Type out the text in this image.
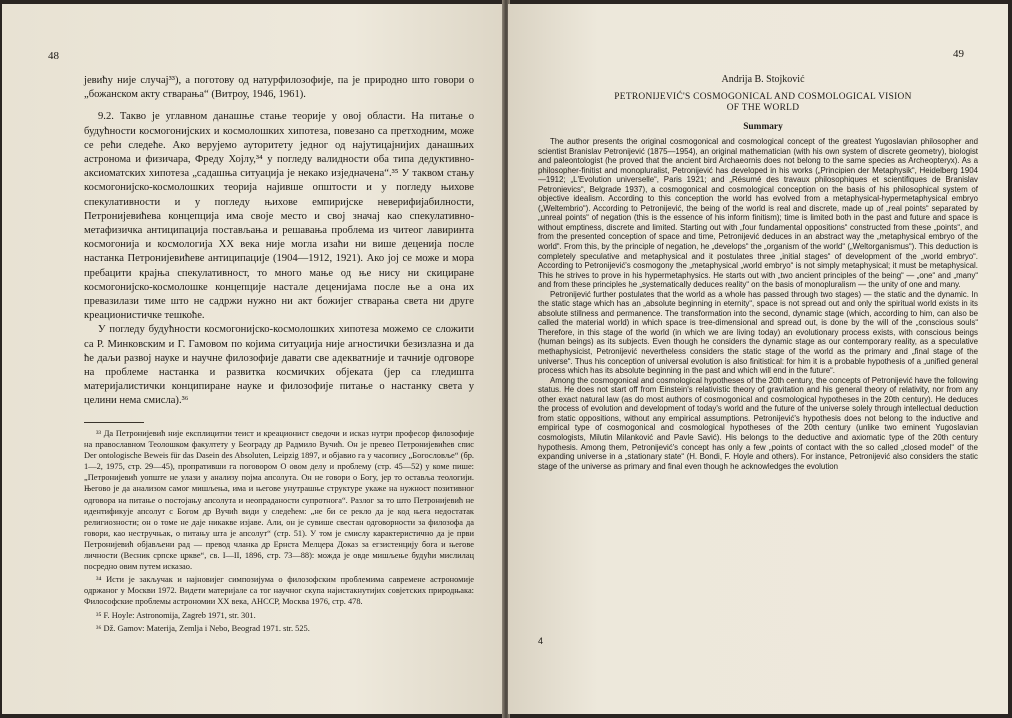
48

јевићу није случај³³), а поготову од натурфилозофије, па је природно што говори о „божанском акту стварања“ (Витроу, 1946, 1961).

9.2. Такво је углавном данашње стање теорије у овој области. На питање о будућности космогонијских и космолошких хипотеза, повезано са претходним, може се рећи следеће. Ако верујемо ауторитету једног од најутицајнијих данашњих астронома и физичара, Фреду Хојлу,³⁴ у погледу валидности оба типа дедуктивно-аксиоматских хипотеза „садашња ситуација је некако изједначена“.³⁵ У таквом стању космогонијско-космолошких теорија најивше општости и у погледу њихове спекулативности и у погледу њихове емпиријске неверифијабилности, Петронијевићева концепција има своје место и свој значај као спекулативно-метафизичка антиципација постављања и решавања проблема из читеог лавиринта космогонија и космологија XX века није могла изаћи ни више деценија после настанка Петронијевићеве антиципације (1904—1912, 1921). Ако јој се може и мора пребацити крајња спекулативност, то много мање од ње нису ни скициране космогонијско-космолошке концепције настале деценијама после ње а она их превазилази тиме што не садржи нужно ни акт божијег стварања света ни друге креационистичке тешкоће.

У погледу будућности космогонијско-космолошких хипотеза можемо се сложити са Р. Минковским и Г. Гамовом по којима ситуација није агностички безизлазна и да ће даљи развој науке и научне филозофије давати све адекватније и тачније одговоре на проблеме настанка и развитка космичких објеката (јер са гледишта материјалистички конципиране науке и филозофије питање о настанку света у целини нема смисла).³⁶

³³ Да Петронијевић није експлицитни теист и креационист сведочи и исказ нутри професор филозофије на православном Теолошком факултету у Београду др Радмило Вучић. Он је превео Петронијевићев спис Der ontologische Beweis für das Dasein des Absoluten, Leipzig 1897, и објавио га у часопису „Богословље“ (бр. 1—2, 1975, стр. 29—45), пропративши га поговором О овом делу и проблему (стр. 45—52) у коме пише: „Петронијевић уопште не улази у анализу појма апсолута. Он не говори о Богу, јер то оставља теологији. Његово је да анализом самог мишљења, има и његове унутрашње структуре укаже на нужност позитивног одговора на питање о постојању апсолута и неопраданости супротнога“. Разлог за то што Петронијевић не идентификује апсолут с Богом др Вучић види у следећем: „не би се рекло да је код њега недостатак религиозности; он о томе не даје никакве изјаве. Али, он је сувише свестан одговорности за филозофа да говори, као нестручњак, о питању шта је апсолут“ (стр. 51). У том је смислу карактеристично да је први Петронијевић објављени рад — превод чланка др Ернста Мелцера Доказ за егзистенцију бога и његове личности (Весник српске цркве“, св. I—II, 1896, стр. 73—88): можда је овде мишљење будући мислилац посредно овим путем исказао.

³⁴ Исти је закључак и најновијег симпозијума о филозофским проблемима савремене астрономије одржаног у Москви 1972. Видети материјале са тог научног скупа најистакнутијих совјетских природњака: Философские проблемы астрономии XX века, АНССР, Москва 1976, стр. 478.

³⁵ F. Hoyle: Astronomija, Zagreb 1971, str. 301.

³⁶ Dž. Gamov: Materija, Zemlja i Nebo, Beograd 1971. str. 525.

49
Andrija B. Stojković
PETRONIJEVIĆ'S COSMOGONICAL AND COSMOLOGICAL VISION
OF THE WORLD
Summary

The author presents the original cosmogonical and cosmological concept of the greatest Yugoslavian philosopher and scientist Branislav Petronijević (1875—1954), an original mathematician (with his own system of discrete geometry), biologist and paleontologist (he proved that the ancient bird Archaeornis does not belong to the same species as Archeopteryx). As a philosopher-finitist and monopluralist, Petronijević has developed in his works („Principien der Metaphysik“, Heidelberg 1904—1912; „L'Evolution universelle“, Paris 1921; and „Résumé des travaux philosophiques et scientifiques de Branislav Petronievics“, Belgrade 1937), a cosmogonical and cosmological conception on the basis of his philosophical system of objective idealism. According to this conception the world has evolved from a metaphysical-hypermetaphysical embryo („Weltembrio“). According to Petronijević, the being of the world is real and discrete, made up of „real points“ separated by „unreal points“ of negation (this is the essence of his inform finitism); time is limited both in the past and future and space is without emptiness, discrete and limited. Starting out with „four fundamental oppositions“ constructed from these „points“, and from the presented conception of space and time, Petronijević deduces in an abstract way the „metaphysical embryo of the world“. From this, by the principle of negation, he „develops“ the „organism of the world“ („Weltorganismus“). This deduction is completely speculative and metaphysical and it postulates three „initial stages“ of development of the „world embryo“. According to Petronijević's cosmogony the „metaphysical „world embryo“ is not simply metaphysical; it must be metaphysical. This he strives to prove in his hypermetaphysics. He starts out with „two ancient principles of the being“ — „one“ and „many“ and from these principles he „systematically deduces reality“ on the basis of monopluralism — the unity of one and many.

Petronijević further postulates that the world as a whole has passed through two stages) — the static and the dynamic. In the static stage which has an „absolute beginning in eternity“, space is not spread out and only the spiritual world exists in its absolute stillness and permanence. The transformation into the second, dynamic stage (which, according to him, can also be called the material world) in which space is tree-dimensional and spread out, is done by the will of the „conscious souls“ Therefore, in this stage of the world (in which we are living today) an evolutionary process exists, with conscious beings (human beings) as its subjects. Even though he considers the dynamic stage as our contemporary reality, as a speculative methaphysicist, Petronijević nevertheless considers the static stage of the world as the primary and „final stage of the universe“. Thus his conception of universal evolution is also finitistical: for him it is a probable hypothesis of a „unified general process which has its absolute beginning in the past and which will end in the future“.

Among the cosmogonical and cosmological hypotheses of the 20th century, the concepts of Petronijević have the following status. He does not start off from Einstein's relativistic theory of gravitation and his general theory of relativity, nor from any other exact natural law (as do most authors of cosmogonical and cosmological hypotheses in the 20th century). He deduces the process of evolution and development of today's world and the future of the universe solely through intellectual deduction from static oppositions, without any empirical assumptions. Petronijević's hypothesis does not belong to the inductive and empirical type of cosmogonical and cosmological hypotheses of the 20th century (unlike two eminent Yugoslavian cosmologists, Milutin Milanković and Pavle Savić). His belongs to the deductive and axiomatic type of the 20th century hypothesis. Among them, Petronijević's concept has only a few „points of contact with the so called „closed model“ of the expanding universe in a „stationary state“ (H. Bondi, F. Hoyle and others). For instance, Petronijević also considers the static stage of the universe as primary and final even though he acknowledges the evolution

4
